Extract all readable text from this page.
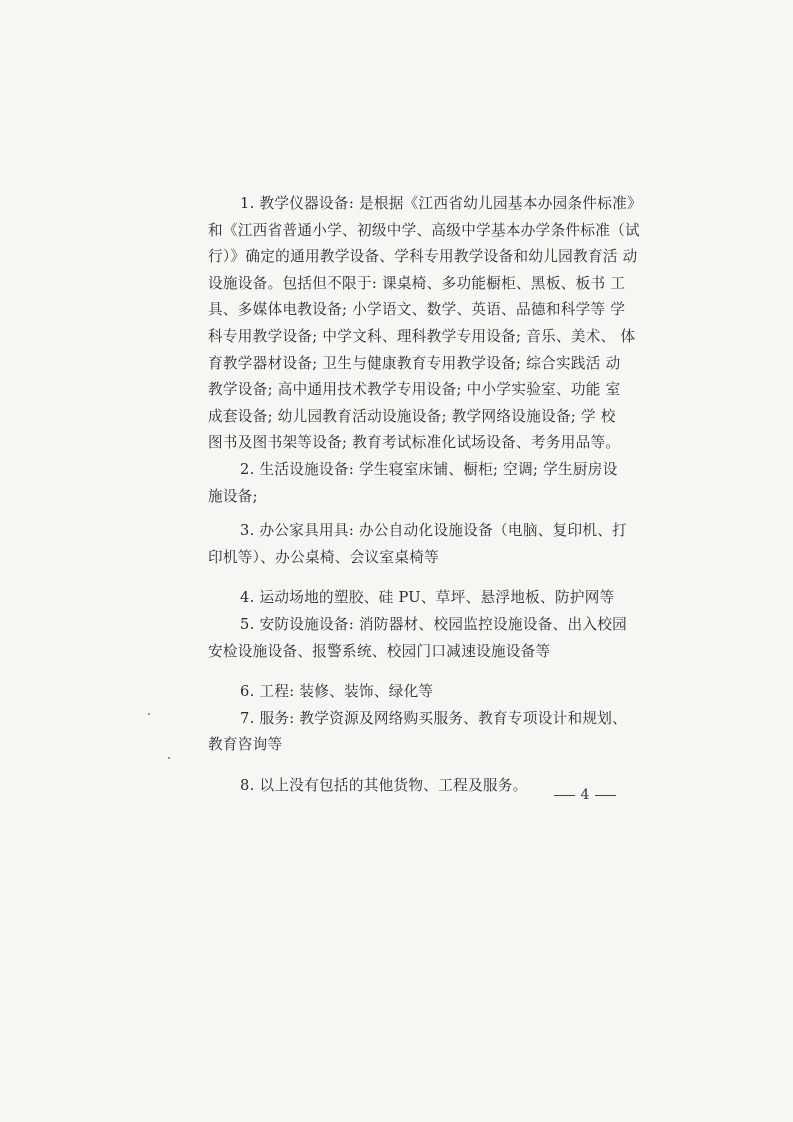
1. 教学仪器设备: 是根据《江西省幼儿园基本办园条件标准》
和《江西省普通小学、初级中学、高级中学基本办学条件标准（试
行）》确定的通用教学设备、学科专用教学设备和幼儿园教育活 动
设施设备。包括但不限于: 课桌椅、多功能橱柜、黑板、板书 工
具、多媒体电教设备; 小学语文、数学、英语、品德和科学等 学
科专用教学设备; 中学文科、理科教学专用设备; 音乐、美术、 体
育教学器材设备; 卫生与健康教育专用教学设备; 综合实践活 动
教学设备; 高中通用技术教学专用设备; 中小学实验室、功能 室
成套设备; 幼儿园教育活动设施设备; 教学网络设施设备; 学 校
图书及图书架等设备; 教育考试标准化试场设备、考务用品等。
2. 生活设施设备: 学生寝室床铺、橱柜; 空调; 学生厨房设
施设备;
3. 办公家具用具: 办公自动化设施设备（电脑、复印机、打
印机等）、办公桌椅、会议室桌椅等
4. 运动场地的塑胶、硅 PU、草坪、悬浮地板、防护网等
5. 安防设施设备: 消防器材、校园监控设施设备、出入校园
安检设施设备、报警系统、校园门口减速设施设备等
6. 工程: 装修、装饰、绿化等
7. 服务: 教学资源及网络购买服务、教育专项设计和规划、
教育咨询等
8. 以上没有包括的其他货物、工程及服务。
4
